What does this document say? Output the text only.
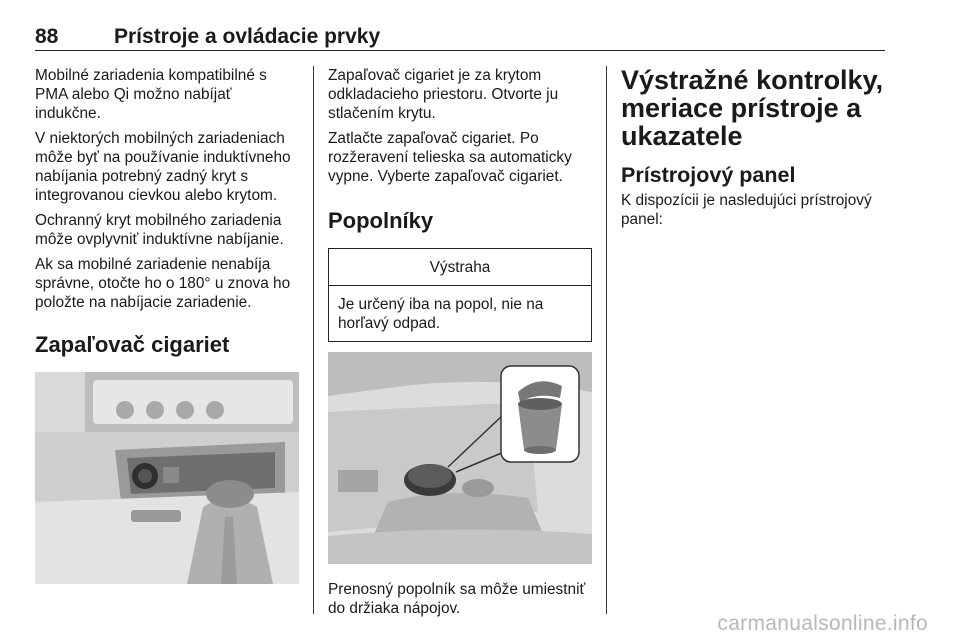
88	Prístroje a ovládacie prvky

Mobilné zariadenia kompatibilné s PMA alebo Qi možno nabíjať indukčne.

V niektorých mobilných zariadeniach môže byť na používanie induktívneho nabíjania potrebný zadný kryt s integrovanou cievkou alebo krytom.

Ochranný kryt mobilného zariadenia môže ovplyvniť induktívne nabíjanie.

Ak sa mobilné zariadenie nenabíja správne, otočte ho o 180° u znova ho položte na nabíjacie zariadenie.

Zapaľovač cigariet

Zapaľovač cigariet je za krytom odkladacieho priestoru. Otvorte ju stlačením krytu.

Zatlačte zapaľovač cigariet. Po rozžeravení telieska sa automaticky vypne. Vyberte zapaľovač cigariet.

Popolníky
Výstraha
Je určený iba na popol, nie na horľavý odpad.

Prenosný popolník sa môže umiestniť do držiaka nápojov.

Výstražné kontrolky, meriace prístroje a ukazatele
Prístrojový panel

K dispozícii je nasledujúci prístrojový panel:

carmanualsonline.info
